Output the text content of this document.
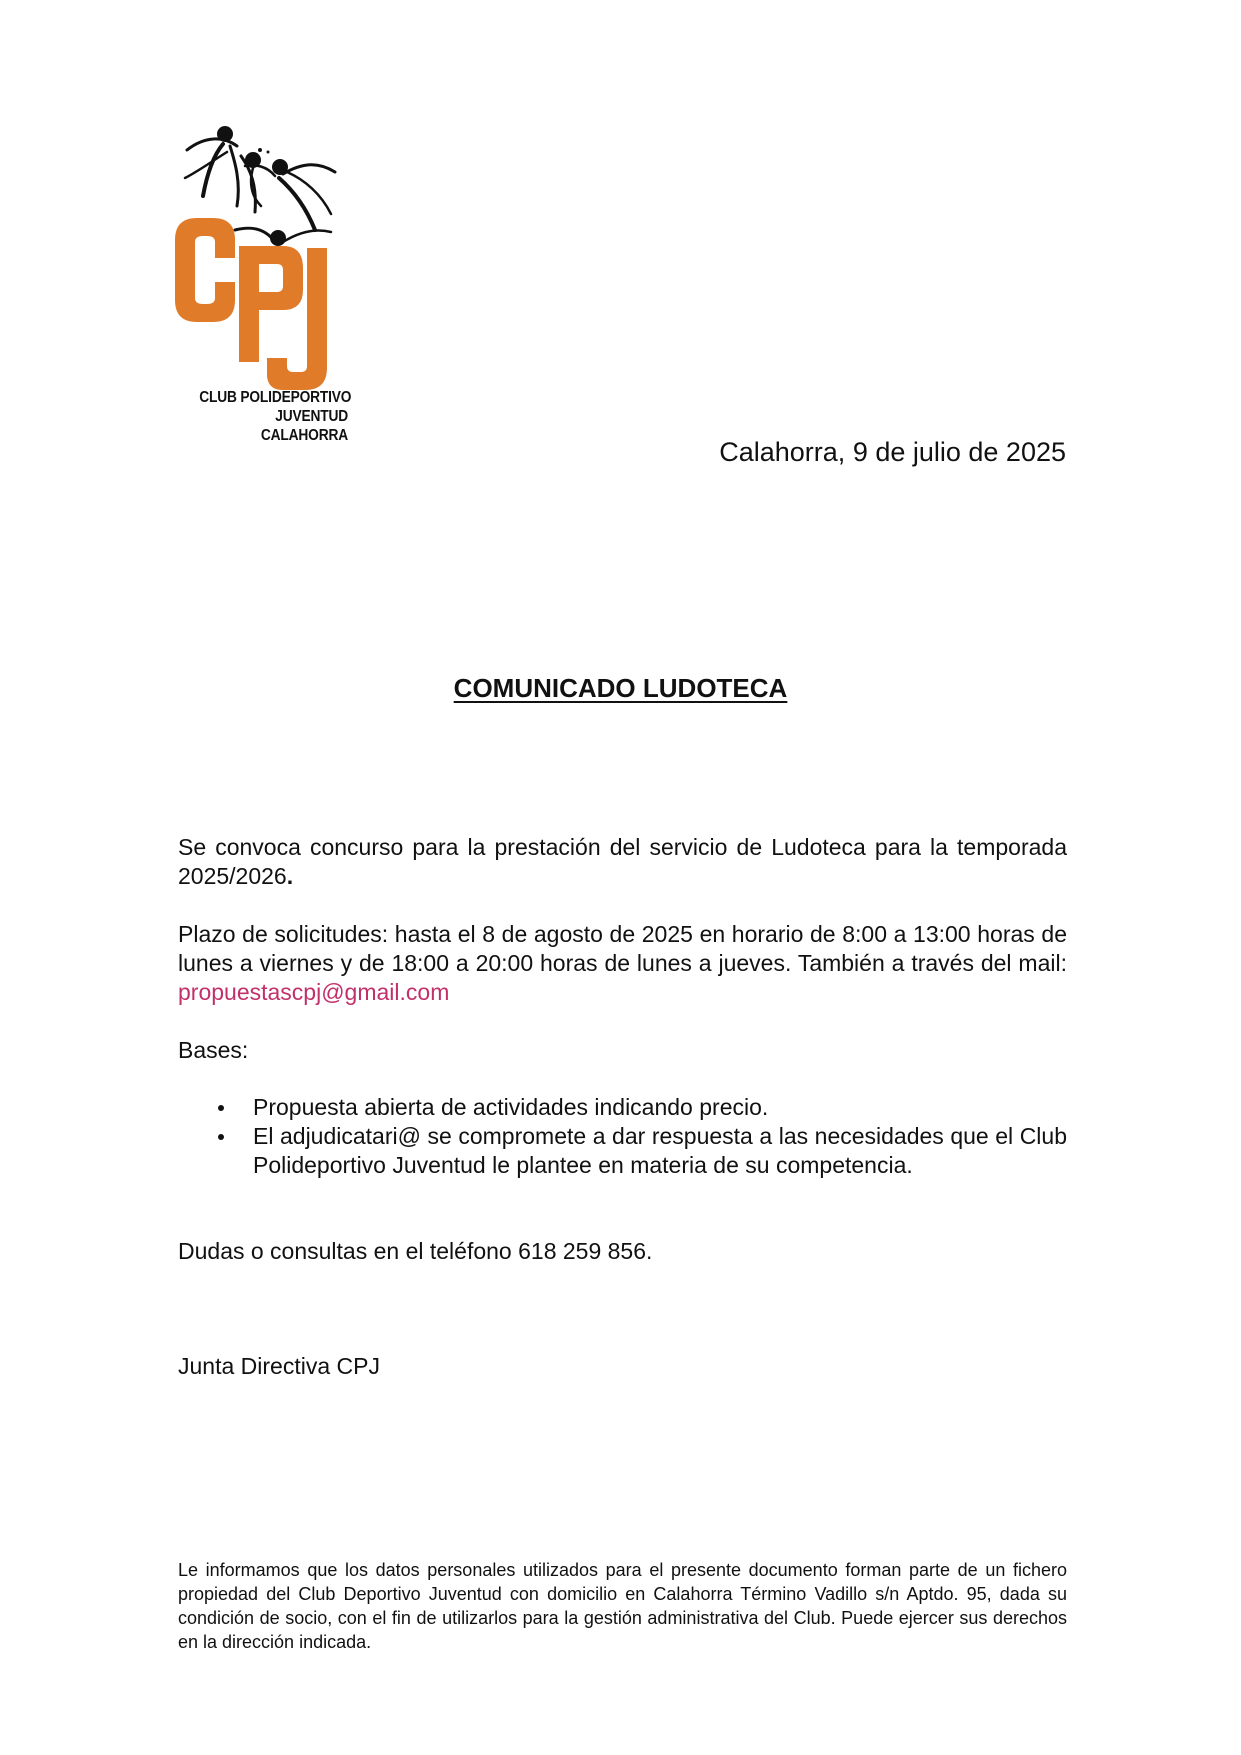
CLUB POLIDEPORTIVO
JUVENTUD
CALAHORRA
Calahorra, 9 de julio de 2025
COMUNICADO LUDOTECA
Se convoca concurso para la prestación del servicio de Ludoteca para la temporada 2025/2026.
Plazo de solicitudes: hasta el 8 de agosto de 2025 en horario de 8:00 a 13:00 horas de lunes a viernes y de 18:00 a 20:00 horas de lunes a jueves. También a través del mail: propuestascpj@gmail.com
Bases:
Propuesta abierta de actividades indicando precio.
El adjudicatari@ se compromete a dar respuesta a las necesidades que el Club Polideportivo Juventud le plantee en materia de su competencia.
Dudas o consultas en el teléfono 618 259 856.
Junta Directiva CPJ
Le informamos que los datos personales utilizados para el presente documento forman parte de un fichero propiedad del Club Deportivo Juventud con domicilio en Calahorra Término Vadillo s/n Aptdo. 95, dada su condición de socio, con el fin de utilizarlos para la gestión administrativa del Club. Puede ejercer sus derechos en la dirección indicada.
